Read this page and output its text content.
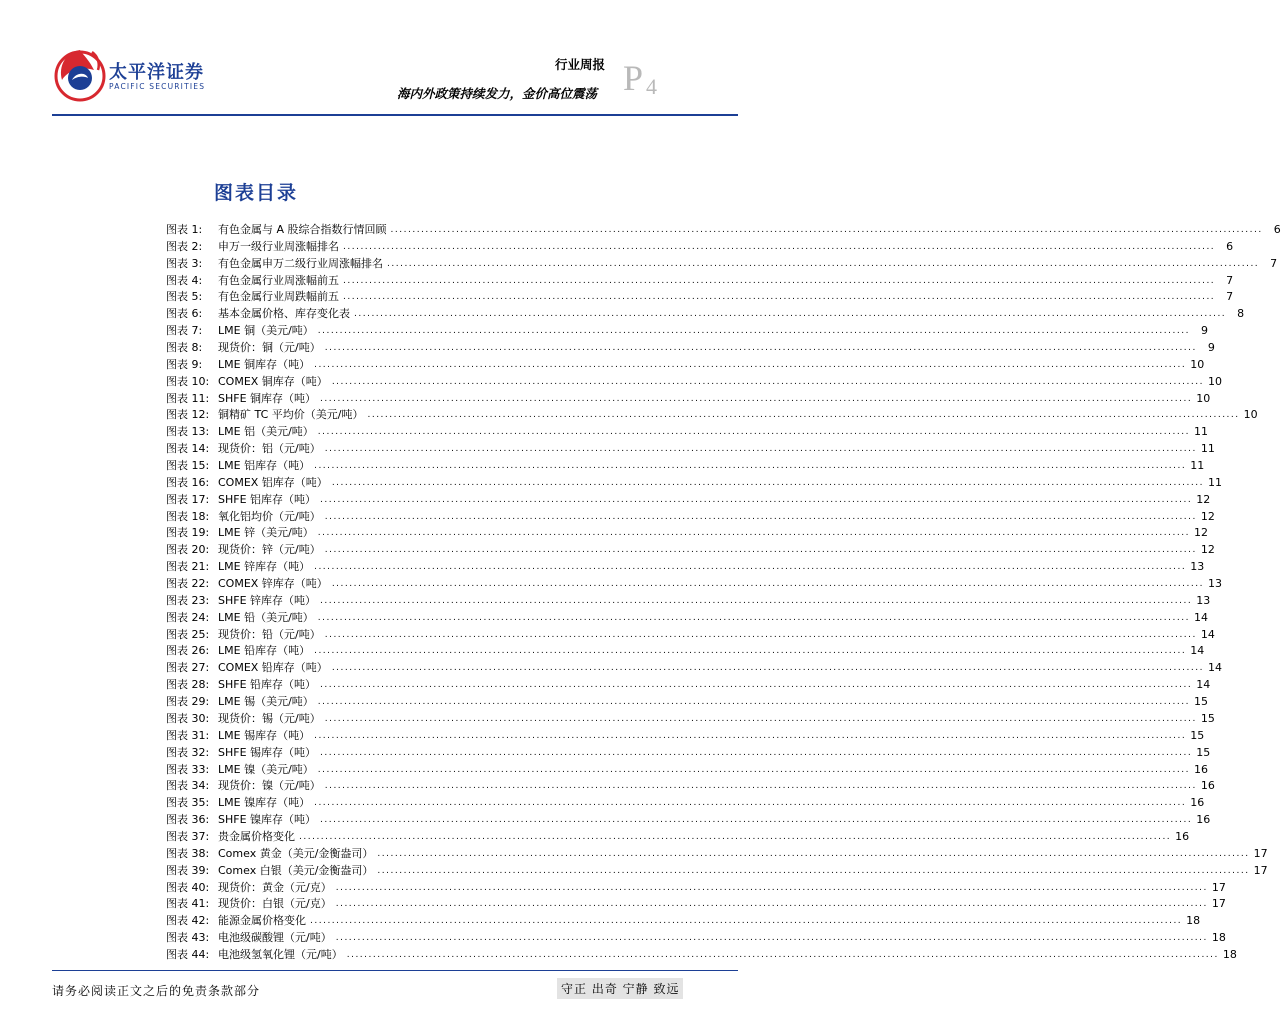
太平洋证券
PACIFIC SECURITIES
行业周报
海内外政策持续发力，金价高位震荡 P 4
图表目录
图表 1:	有色金属与 A 股综合指数行情回顾 ........................................................................................................................................................................................................	6
图表 2:	申万一级行业周涨幅排名 ........................................................................................................................................................................................................	6
图表 3:	有色金属申万二级行业周涨幅排名 ........................................................................................................................................................................................................	7
图表 4:	有色金属行业周涨幅前五 ........................................................................................................................................................................................................	7
图表 5:	有色金属行业周跌幅前五 ........................................................................................................................................................................................................	7
图表 6:	基本金属价格、库存变化表 ........................................................................................................................................................................................................	8
图表 7:	LME 铜（美元/吨） ........................................................................................................................................................................................................	9
图表 8:	现货价：铜（元/吨） ........................................................................................................................................................................................................	9
图表 9:	LME 铜库存（吨） ........................................................................................................................................................................................................ 10
图表 10: COMEX 铜库存（吨） ........................................................................................................................................................................................................ 10
图表 11: SHFE 铜库存（吨） ........................................................................................................................................................................................................ 10
图表 12: 铜精矿 TC 平均价（美元/吨） ........................................................................................................................................................................................................ 10
图表 13: LME 铝（美元/吨） ........................................................................................................................................................................................................ 11
图表 14: 现货价：铝（元/吨） ........................................................................................................................................................................................................ 11
图表 15: LME 铝库存（吨） ........................................................................................................................................................................................................ 11
图表 16: COMEX 铝库存（吨） ........................................................................................................................................................................................................ 11
图表 17: SHFE 铝库存（吨） ........................................................................................................................................................................................................ 12
图表 18: 氧化铝均价（元/吨） ........................................................................................................................................................................................................ 12
图表 19: LME 锌（美元/吨） ........................................................................................................................................................................................................ 12
图表 20: 现货价：锌（元/吨） ........................................................................................................................................................................................................ 12
图表 21: LME 锌库存（吨） ........................................................................................................................................................................................................ 13
图表 22: COMEX 锌库存（吨） ........................................................................................................................................................................................................ 13
图表 23: SHFE 锌库存（吨） ........................................................................................................................................................................................................ 13
图表 24: LME 铅（美元/吨） ........................................................................................................................................................................................................ 14
图表 25: 现货价：铅（元/吨） ........................................................................................................................................................................................................ 14
图表 26: LME 铅库存（吨） ........................................................................................................................................................................................................ 14
图表 27: COMEX 铅库存（吨） ........................................................................................................................................................................................................ 14
图表 28: SHFE 铅库存（吨） ........................................................................................................................................................................................................ 14
图表 29: LME 锡（美元/吨） ........................................................................................................................................................................................................ 15
图表 30: 现货价：锡（元/吨） ........................................................................................................................................................................................................ 15
图表 31: LME 锡库存（吨） ........................................................................................................................................................................................................ 15
图表 32: SHFE 锡库存（吨） ........................................................................................................................................................................................................ 15
图表 33: LME 镍（美元/吨） ........................................................................................................................................................................................................ 16
图表 34: 现货价：镍（元/吨） ........................................................................................................................................................................................................ 16
图表 35: LME 镍库存（吨） ........................................................................................................................................................................................................ 16
图表 36: SHFE 镍库存（吨） ........................................................................................................................................................................................................ 16
图表 37: 贵金属价格变化 ........................................................................................................................................................................................................ 16
图表 38: Comex 黄金（美元/金衡盎司） ........................................................................................................................................................................................................ 17
图表 39: Comex 白银（美元/金衡盎司） ........................................................................................................................................................................................................ 17
图表 40: 现货价：黄金（元/克） ........................................................................................................................................................................................................ 17
图表 41: 现货价：白银（元/克） ........................................................................................................................................................................................................ 17
图表 42: 能源金属价格变化 ........................................................................................................................................................................................................ 18
图表 43: 电池级碳酸锂（元/吨） ........................................................................................................................................................................................................ 18
图表 44: 电池级氢氧化锂（元/吨） ........................................................................................................................................................................................................ 18
请务必阅读正文之后的免责条款部分	守正 出奇 宁静 致远
